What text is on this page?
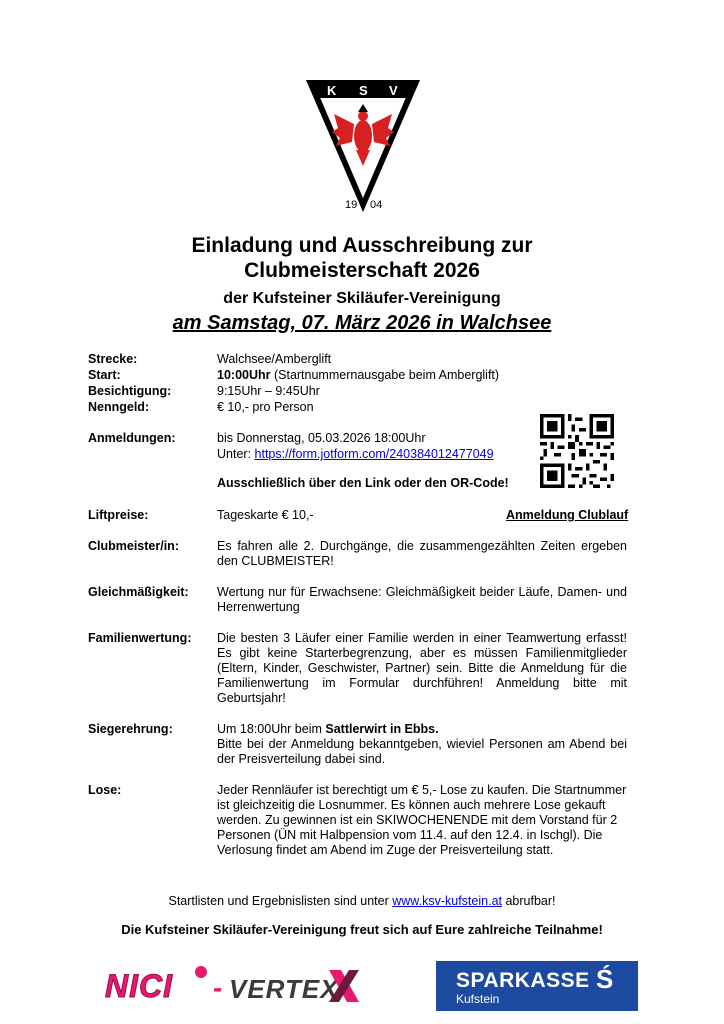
K S V
19 04
Einladung und Ausschreibung zur
Clubmeisterschaft 2026
der Kufsteiner Skiläufer-Vereinigung
am Samstag, 07. März 2026 in Walchsee
Strecke:	Walchsee/Amberglift
Start:	10:00Uhr (Startnummernausgabe beim Amberglift)
Besichtigung:	9:15Uhr – 9:45Uhr
Nenngeld:	€ 10,- pro Person
Anmeldungen:	bis Donnerstag, 05.03.2026 18:00Uhr
Unter: https://form.jotform.com/240384012477049
Ausschließlich über den Link oder den OR-Code!
Liftpreise:	Tageskarte € 10,-	Anmeldung Clublauf
Clubmeister/in:	Es fahren alle 2. Durchgänge, die zusammengezählten Zeiten ergeben den CLUBMEISTER!
Gleichmäßigkeit: Wertung nur für Erwachsene: Gleichmäßigkeit beider Läufe, Damen- und Herrenwertung
Familienwertung: Die besten 3 Läufer einer Familie werden in einer Teamwertung erfasst! Es gibt keine Starterbegrenzung, aber es müssen Familienmitglieder (Eltern, Kinder, Geschwister, Partner) sein. Bitte die Anmeldung für die Familienwertung im Formular durchführen! Anmeldung bitte mit Geburtsjahr!
Siegerehrung:	Um 18:00Uhr beim Sattlerwirt in Ebbs.
Bitte bei der Anmeldung bekanntgeben, wieviel Personen am Abend bei der Preisverteilung dabei sind.
Lose:	Jeder Rennläufer ist berechtigt um € 5,- Lose zu kaufen. Die Startnummer ist gleichzeitig die Losnummer. Es können auch mehrere Lose gekauft werden. Zu gewinnen ist ein SKIWOCHENENDE mit dem Vorstand für 2 Personen (ÜN mit Halbpension vom 11.4. auf den 12.4. in Ischgl). Die Verlosung findet am Abend im Zuge der Preisverteilung statt.
Startlisten und Ergebnislisten sind unter www.ksv-kufstein.at abrufbar!
Die Kufsteiner Skiläufer-Vereinigung freut sich auf Eure zahlreiche Teilnahme!
NICI - VERTEX	SPARKASSE Ś
Kufstein
